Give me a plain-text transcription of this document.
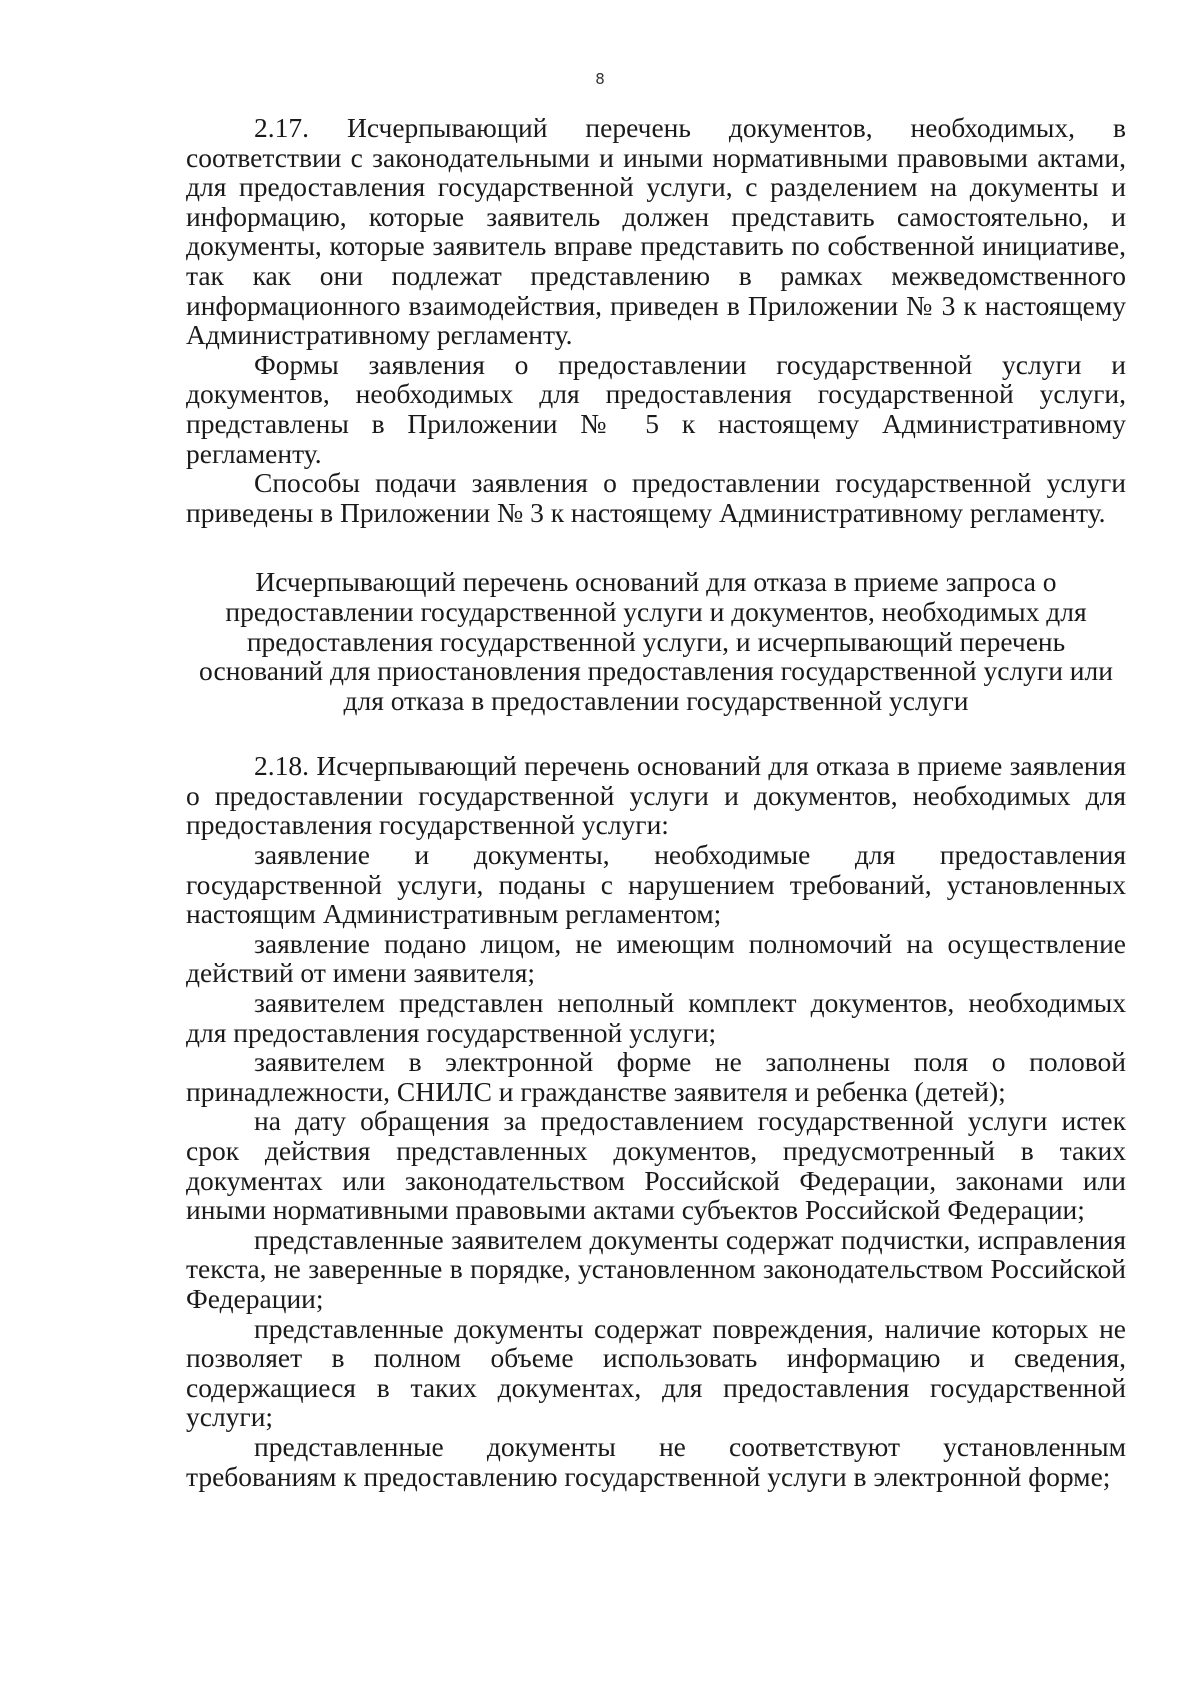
8

2.17. Исчерпывающий перечень документов, необходимых, в соответствии с законодательными и иными нормативными правовыми актами, для предоставления государственной услуги, с разделением на документы и информацию, которые заявитель должен представить самостоятельно, и документы, которые заявитель вправе представить по собственной инициативе, так как они подлежат представлению в рамках межведомственного информационного взаимодействия, приведен в Приложении № 3 к настоящему Административному регламенту.

Формы заявления о предоставлении государственной услуги и документов, необходимых для предоставления государственной услуги, представлены в Приложении № 5 к настоящему Административному регламенту.

Способы подачи заявления о предоставлении государственной услуги приведены в Приложении № 3 к настоящему Административному регламенту.

Исчерпывающий перечень оснований для отказа в приеме запроса о предоставлении государственной услуги и документов, необходимых для предоставления государственной услуги, и исчерпывающий перечень оснований для приостановления предоставления государственной услуги или для отказа в предоставлении государственной услуги

2.18. Исчерпывающий перечень оснований для отказа в приеме заявления о предоставлении государственной услуги и документов, необходимых для предоставления государственной услуги:

заявление и документы, необходимые для предоставления государственной услуги, поданы с нарушением требований, установленных настоящим Административным регламентом;

заявление подано лицом, не имеющим полномочий на осуществление действий от имени заявителя;

заявителем представлен неполный комплект документов, необходимых для предоставления государственной услуги;

заявителем в электронной форме не заполнены поля о половой принадлежности, СНИЛС и гражданстве заявителя и ребенка (детей);

на дату обращения за предоставлением государственной услуги истек срок действия представленных документов, предусмотренный в таких документах или законодательством Российской Федерации, законами или иными нормативными правовыми актами субъектов Российской Федерации;

представленные заявителем документы содержат подчистки, исправления текста, не заверенные в порядке, установленном законодательством Российской Федерации;

представленные документы содержат повреждения, наличие которых не позволяет в полном объеме использовать информацию и сведения, содержащиеся в таких документах, для предоставления государственной услуги;

представленные документы не соответствуют установленным требованиям к предоставлению государственной услуги в электронной форме;
